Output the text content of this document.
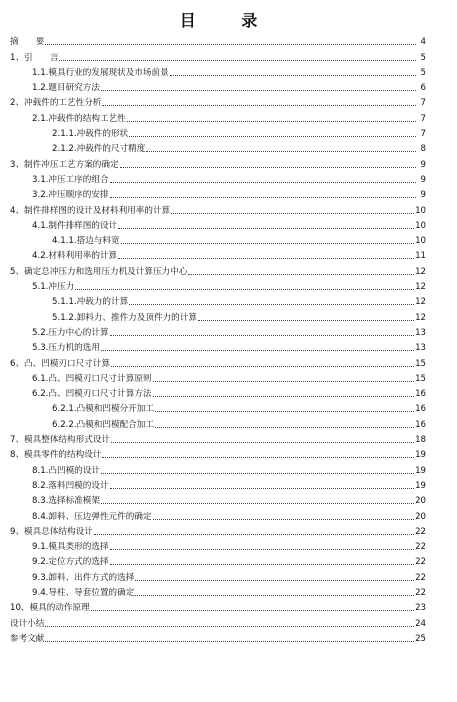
目 录
摘　　要	4
1、引　　言	5
1.1.模具行业的发展现状及市场前景	5
1.2.题目研究方法	6
2、冲载件的工艺性分析	7
2.1.冲载件的结构工艺性	7
2.1.1.冲载件的形状	7
2.1.2.冲载件的尺寸精度	8
3、制件冲压工艺方案的确定	9
3.1.冲压工序的组合	9
3.2.冲压顺序的安排	9
4、制件排样图的设计及材料利用率的计算	10
4.1.制件排样图的设计	10
4.1.1.搭边与料宽	10
4.2.材料利用率的计算	11
5、确定总冲压力和选用压力机及计算压力中心	12
5.1.冲压力	12
5.1.1.冲载力的计算	12
5.1.2.卸料力、推件力及顶件力的计算	12
5.2.压力中心的计算	13
5.3.压力机的选用	13
6、凸、凹模刃口尺寸计算	15
6.1.凸、凹模刃口尺寸计算原则	15
6.2.凸、凹模刃口尺寸计算方法	16
6.2.1.凸模和凹模分开加工	16
6.2.2.凸模和凹模配合加工	16
7、模具整体结构形式设计	18
8、模具零件的结构设计	19
8.1.凸凹模的设计	19
8.2.落料凹模的设计	19
8.3.选择标准模架	20
8.4.卸料、压边弹性元件的确定	20
9、模具总体结构设计	22
9.1.模具类形的选择	22
9.2.定位方式的选择	22
9.3.卸料、出件方式的选择	22
9.4.导柱、导套位置的确定	22
10、模具的动作原理	23
设计小结	24
参考文献	25
